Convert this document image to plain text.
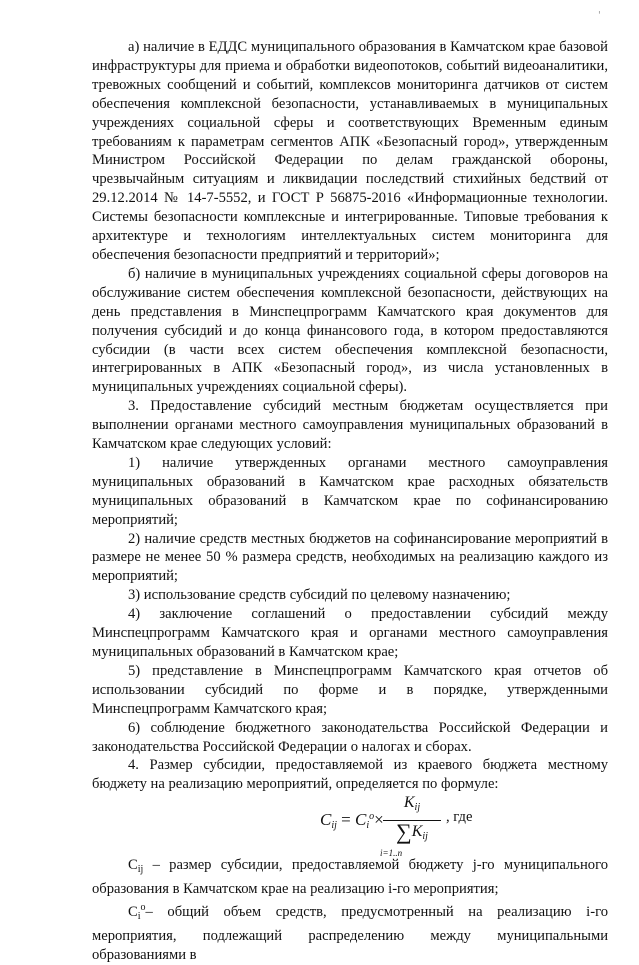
'

а) наличие в ЕДДС муниципального образования в Камчатском крае базовой инфраструктуры для приема и обработки видеопотоков, событий видеоаналитики, тревожных сообщений и событий, комплексов мониторинга датчиков от систем обеспечения комплексной безопасности, устанавливаемых в муниципальных учреждениях социальной сферы и соответствующих Временным единым требованиям к параметрам сегментов АПК «Безопасный город», утвержденным Министром Российской Федерации по делам гражданской обороны, чрезвычайным ситуациям и ликвидации последствий стихийных бедствий от 29.12.2014 № 14-7-5552, и ГОСТ Р 56875-2016 «Информационные технологии. Системы безопасности комплексные и интегрированные. Типовые требования к архитектуре и технологиям интеллектуальных систем мониторинга для обеспечения безопасности предприятий и территорий»;

б) наличие в муниципальных учреждениях социальной сферы договоров на обслуживание систем обеспечения комплексной безопасности, действующих на день представления в Минспецпрограмм Камчатского края документов для получения субсидий и до конца финансового года, в котором предоставляются субсидии (в части всех систем обеспечения комплексной безопасности, интегрированных в АПК «Безопасный город», из числа установленных в муниципальных учреждениях социальной сферы).

3. Предоставление субсидий местным бюджетам осуществляется при выполнении органами местного самоуправления муниципальных образований в Камчатском крае следующих условий:

1) наличие утвержденных органами местного самоуправления муниципальных образований в Камчатском крае расходных обязательств муниципальных образований в Камчатском крае по софинансированию мероприятий;

2) наличие средств местных бюджетов на софинансирование мероприятий в размере не менее 50 % размера средств, необходимых на реализацию каждого из мероприятий;

3) использование средств субсидий по целевому назначению;

4) заключение соглашений о предоставлении субсидий между Минспецпрограмм Камчатского края и органами местного самоуправления муниципальных образований в Камчатском крае;

5) представление в Минспецпрограмм Камчатского края отчетов об использовании субсидий по форме и в порядке, утвержденными Минспецпрограмм Камчатского края;

6) соблюдение бюджетного законодательства Российской Федерации и законодательства Российской Федерации о налогах и сборах.

4. Размер субсидии, предоставляемой из краевого бюджета местному бюджету на реализацию мероприятий, определяется по формуле:

$C_{ij} = C_i^o\times$
$K_{ij}$
$\sum K_{ij}$
i=1..n
, где

$C_{ij}$ – размер субсидии, предоставляемой бюджету j-го муниципального образования в Камчатском крае на реализацию i-го мероприятия;

$C_i^o-$ общий объем средств, предусмотренный на реализацию i-го мероприятия, подлежащий распределению между муниципальными образованиями в
